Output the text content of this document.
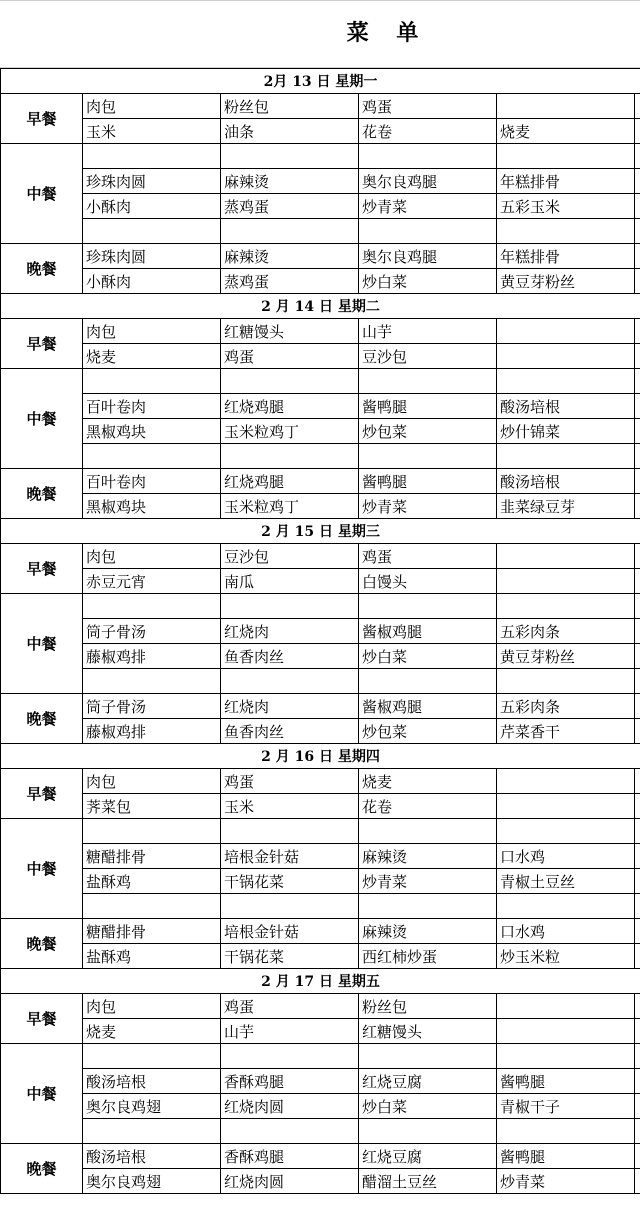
菜 单
2月 13 日 星期一					
早餐	肉包	粉丝包	鸡蛋		
	玉米	油条	花卷	烧麦	
中餐					
	珍珠肉圆	麻辣烫	奥尔良鸡腿	年糕排骨	
	小酥肉	蒸鸡蛋	炒青菜	五彩玉米	

晚餐	珍珠肉圆	麻辣烫	奥尔良鸡腿	年糕排骨	
	小酥肉	蒸鸡蛋	炒白菜	黄豆芽粉丝	
2 月 14 日 星期二					
早餐	肉包	红糖馒头	山芋		
	烧麦	鸡蛋	豆沙包		
中餐					
	百叶卷肉	红烧鸡腿	酱鸭腿	酸汤培根	
	黑椒鸡块	玉米粒鸡丁	炒包菜	炒什锦菜	

晚餐	百叶卷肉	红烧鸡腿	酱鸭腿	酸汤培根	
	黑椒鸡块	玉米粒鸡丁	炒青菜	韭菜绿豆芽	
2 月 15 日 星期三					
早餐	肉包	豆沙包	鸡蛋		
	赤豆元宵	南瓜	白馒头		
中餐					
	筒子骨汤	红烧肉	酱椒鸡腿	五彩肉条	
	藤椒鸡排	鱼香肉丝	炒白菜	黄豆芽粉丝	

晚餐	筒子骨汤	红烧肉	酱椒鸡腿	五彩肉条	
	藤椒鸡排	鱼香肉丝	炒包菜	芹菜香干	
2 月 16 日 星期四					
早餐	肉包	鸡蛋	烧麦		
	荠菜包	玉米	花卷		
中餐					
	糖醋排骨	培根金针菇	麻辣烫	口水鸡	
	盐酥鸡	干锅花菜	炒青菜	青椒土豆丝	

晚餐	糖醋排骨	培根金针菇	麻辣烫	口水鸡	
	盐酥鸡	干锅花菜	西红柿炒蛋	炒玉米粒	
2 月 17 日 星期五					
早餐	肉包	鸡蛋	粉丝包		
	烧麦	山芋	红糖馒头		
中餐					
	酸汤培根	香酥鸡腿	红烧豆腐	酱鸭腿	
	奥尔良鸡翅	红烧肉圆	炒白菜	青椒干子	

晚餐	酸汤培根	香酥鸡腿	红烧豆腐	酱鸭腿	
	奥尔良鸡翅	红烧肉圆	醋溜土豆丝	炒青菜	
